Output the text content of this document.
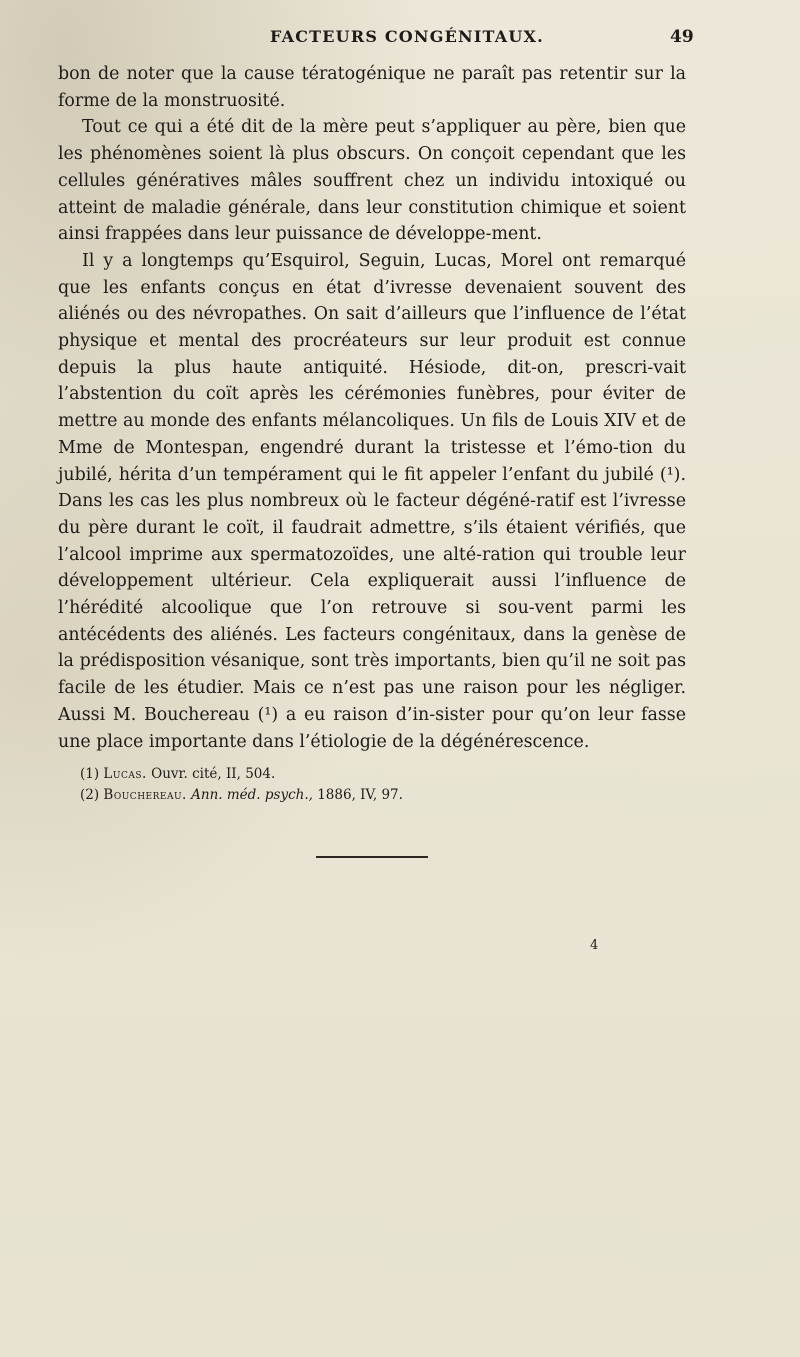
FACTEURS CONGÉNITAUX.	49

bon de noter que la cause tératogénique ne paraît pas retentir sur la forme de la monstruosité.

Tout ce qui a été dit de la mère peut s’appliquer au père, bien que les phénomènes soient là plus obscurs. On conçoit cependant que les cellules génératives mâles souffrent chez un individu intoxiqué ou atteint de maladie générale, dans leur constitution chimique et soient ainsi frappées dans leur puissance de développe-ment.

Il y a longtemps qu’Esquirol, Seguin, Lucas, Morel ont remarqué que les enfants conçus en état d’ivresse devenaient souvent des aliénés ou des névropathes. On sait d’ailleurs que l’influence de l’état physique et mental des procréateurs sur leur produit est connue depuis la plus haute antiquité. Hésiode, dit-on, prescri-vait l’abstention du coït après les cérémonies funèbres, pour éviter de mettre au monde des enfants mélancoliques. Un fils de Louis XIV et de Mme de Montespan, engendré durant la tristesse et l’émo-tion du jubilé, hérita d’un tempérament qui le fit appeler l’enfant du jubilé (¹). Dans les cas les plus nombreux où le facteur dégéné-ratif est l’ivresse du père durant le coït, il faudrait admettre, s’ils étaient vérifiés, que l’alcool imprime aux spermatozoïdes, une alté-ration qui trouble leur développement ultérieur. Cela expliquerait aussi l’influence de l’hérédité alcoolique que l’on retrouve si sou-vent parmi les antécédents des aliénés. Les facteurs congénitaux, dans la genèse de la prédisposition vésanique, sont très importants, bien qu’il ne soit pas facile de les étudier. Mais ce n’est pas une raison pour les négliger. Aussi M. Bouchereau (¹) a eu raison d’in-sister pour qu’on leur fasse une place importante dans l’étiologie de la dégénérescence.

(1) Lucas. Ouvr. cité, II, 504.
(2) Bouchereau. Ann. méd. psych., 1886, IV, 97.
4
